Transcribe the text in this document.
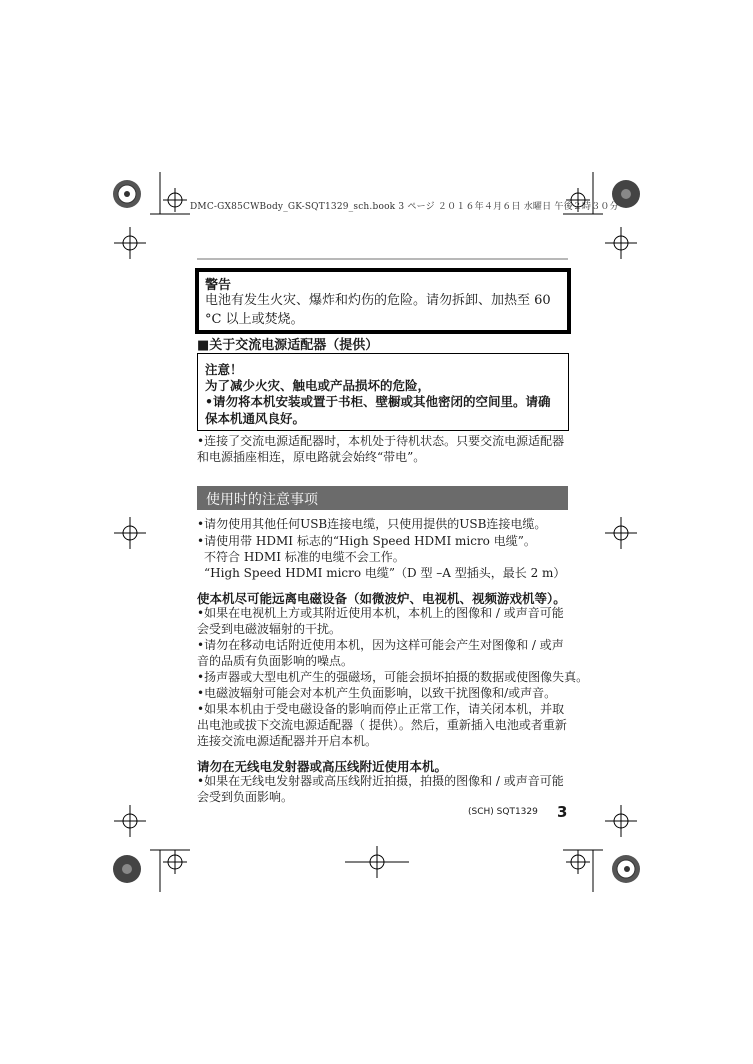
DMC-GX85CWBody_GK-SQT1329_sch.book 3 ページ ２０１６年４月６日 水曜日 午後２時３０分
警告
电池有发生火灾、爆炸和灼伤的危险。请勿拆卸、加热至 60 °C 以上或焚烧。
■关于交流电源适配器（提供）
注意！
为了减少火灾、触电或产品损坏的危险，
•请勿将本机安装或置于书柜、壁橱或其他密闭的空间里。请确保本机通风良好。
•连接了交流电源适配器时，本机处于待机状态。只要交流电源适配器和电源插座相连，原电路就会始终“带电”。
使用时的注意事项
•请勿使用其他任何USB连接电缆，只使用提供的USB连接电缆。
•请使用带 HDMI 标志的“High Speed HDMI micro 电缆”。
不符合 HDMI 标准的电缆不会工作。
“High Speed HDMI micro 电缆”（D 型 –A 型插头，最长 2 m）
使本机尽可能远离电磁设备（如微波炉、电视机、视频游戏机等）。
•如果在电视机上方或其附近使用本机，本机上的图像和 / 或声音可能会受到电磁波辐射的干扰。
•请勿在移动电话附近使用本机，因为这样可能会产生对图像和 / 或声音的品质有负面影响的噪点。
•扬声器或大型电机产生的强磁场，可能会损坏拍摄的数据或使图像失真。
•电磁波辐射可能会对本机产生负面影响，以致干扰图像和/或声音。
•如果本机由于受电磁设备的影响而停止正常工作，请关闭本机，并取出电池或拔下交流电源适配器（ 提供）。然后，重新插入电池或者重新连接交流电源适配器并开启本机。
请勿在无线电发射器或高压线附近使用本机。
•如果在无线电发射器或高压线附近拍摄，拍摄的图像和 / 或声音可能会受到负面影响。
(SCH) SQT1329 3
